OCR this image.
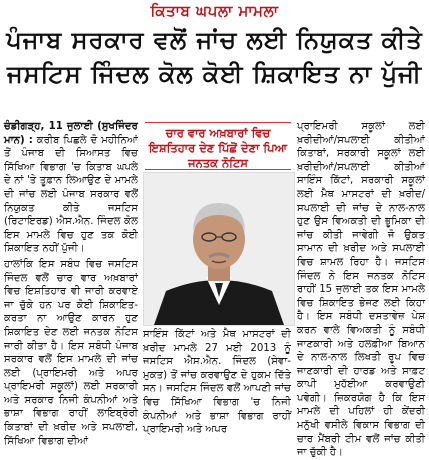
ਕਿਤਾਬ ਘਪਲਾ ਮਾਮਲਾ
ਪੰਜਾਬ ਸਰਕਾਰ ਵਲੋਂ ਜਾਂਚ ਲਈ ਨਿਯੁਕਤ ਕੀਤੇ
ਜਸਟਿਸ ਜਿੰਦਲ ਕੋਲ ਕੋਈ ਸ਼ਿਕਾਇਤ ਨਾ ਪੁੱਜੀ

ਚੰਡੀਗੜ੍ਹ, 11 ਜੁਲਾਈ (ਸੁਖਜਿੰਦਰ ਮਾਨ) : ਕਰੀਬ ਪਿਛਲੇ ਦੋ ਮਹੀਨਿਆਂ ਤੋਂ ਪੰਜਾਬ ਦੀ ਸਿਆਸਤ ਵਿਚ ਸਿੱਖਿਆ ਵਿਭਾਗ 'ਚ ਕਿਤਾਬ ਘਪਲੇ ਦੇ ਨਾਂ 'ਤੇ ਤੂਫ਼ਾਨ ਲਿਆਉਣ ਦੇ ਮਾਮਲੇ ਦੀ ਜਾਂਚ ਲਈ ਪੰਜਾਬ ਸਰਕਾਰ ਵਲੋਂ ਨਿਯੁਕਤ ਕੀਤੇ ਜਸਟਿਸ (ਰਿਟਾਇਰਡ) ਐਸ.ਐਨ. ਜਿੰਦਲ ਕੋਲ ਇਸ ਮਾਮਲੇ ਵਿਚ ਹੁਣ ਤਕ ਕੋਈ ਸ਼ਿਕਾਇਤ ਨਹੀਂ ਪੁੱਜੀ।

ਹਾਲਾਂਕਿ ਇਸ ਸਬੰਧ ਵਿਚ ਜਸਟਿਸ ਜਿੰਦਲ ਵਲੋਂ ਚਾਰ ਵਾਰ ਅਖ਼ਬਾਰਾਂ ਵਿਚ ਇਸ਼ਤਿਹਾਰ ਵੀ ਜਾਰੀ ਕਰਵਾਏ ਜਾ ਚੁੱਕੇ ਹਨ ਪਰ ਕੋਈ ਸ਼ਿਕਾਇਤ-ਕਰਤਾ ਨਾ ਆਉਣ ਕਾਰਨ ਹੁਣ ਸ਼ਿਕਾਇਤ ਦੇਣ ਲਈ ਜਨਤਕ ਨੋਟਿਸ ਜਾਰੀ ਕੀਤਾ ਹੈ। ਇਸ ਸਬੰਧੀ ਪੰਜਾਬ ਸਰਕਾਰ ਵਲੋਂ ਇਸ ਮਾਮਲੇ ਦੀ ਜਾਂਚ ਲਈ (ਪ੍ਰਾਇਮਰੀ ਅਤੇ ਅਪਰ ਪ੍ਰਾਇਮਰੀ ਸਕੂਲਾਂ) ਲਈ ਸਰਕਾਰੀ ਅਤੇ ਸਰਕਾਰ ਨਿਜੀ ਕੰਪਨੀਆਂ ਅਤੇ ਭਾਸ਼ਾ ਵਿਭਾਗ ਰਾਹੀਂ ਲਾਇਬ੍ਰੇਰੀ ਕਿਤਾਬਾਂ ਦੀ ਖ਼ਰੀਦ ਅਤੇ ਸਪਲਾਈ, ਸਿੱਖਿਆ ਵਿਭਾਗ ਦੀਆਂ

ਚਾਰ ਵਾਰ ਅਖ਼ਬਾਰਾਂ ਵਿਚ ਇਸ਼ਤਿਹਾਰ ਦੇਣ ਪਿੱਛੋਂ ਦੇਣਾ ਪਿਆ ਜਨਤਕ ਨੋਟਿਸ

ਸਾਇੰਸ ਕਿੱਟਾਂ ਅਤੇ ਮੈਥ ਮਾਸਟਰਾਂ ਦੀ ਖ਼ਰੀਦ ਮਾਮਲੇ 27 ਮਈ 2013 ਨੂੰ ਜਸਟਿਸ ਐਸ.ਐਨ. ਜਿੰਦਲ (ਸੇਵਾ-ਮੁਕਤ) ਤੋਂ ਜਾਂਚ ਕਰਵਾਉਣ ਦੇ ਹੁਕਮ ਦਿੱਤੇ ਸਨ। ਜਸਟਿਸ ਜਿੰਦਲ ਵਲੋਂ ਆਪਣੀ ਜਾਂਚ ਵਿਚ ਸਿੱਖਿਆ ਵਿਭਾਗ 'ਚ ਨਿਜੀ ਕੰਪਨੀਆਂ ਅਤੇ ਭਾਸ਼ਾ ਵਿਭਾਗ ਰਾਹੀਂ ਪ੍ਰਾਇਮਰੀ ਅਤੇ ਅਪਰ

ਪ੍ਰਾਇਮਰੀ ਸਕੂਲਾਂ ਲਈ ਖ਼ਰੀਦੀਆਂ/ਸਪਲਾਈ ਕੀਤੀਆਂ ਕਿਤਾਬਾਂ, ਸਰਕਾਰੀ ਸਕੂਲਾਂ ਲਈ ਖ਼ਰੀਦੀਆਂ/ਸਪਲਾਈ ਕੀਤੀਆਂ ਸਾਇੰਸ ਕਿੱਟਾਂ, ਸਰਕਾਰੀ ਸਕੂਲਾਂ ਲਈ ਮੈਥ ਮਾਸਟਰਾਂ ਦੀ ਖ਼ਰੀਦ/ਸਪਲਾਈ ਦੀ ਜਾਂਚ ਦੇ ਨਾਲ-ਨਾਲ ਹੁਣ ਉਸ ਵਿਅਕਤੀ ਦੀ ਭੂਮਿਕਾ ਦੀ ਜਾਂਚ ਕੀਤੀ ਜਾਵੇਗੀ ਜੋ ਉਕਤ ਸਾਮਾਨ ਦੀ ਖ਼ਰੀਦ ਅਤੇ ਸਪਲਾਈ ਵਿਚ ਸ਼ਾਮਲ ਰਿਹਾ ਹੈ। ਜਸਟਿਸ ਜਿੰਦਲ ਨੇ ਇਸ ਜਨਤਕ ਨੋਟਿਸ ਰਾਹੀਂ 15 ਜੁਲਾਈ ਤਕ ਇਸ ਮਾਮਲੇ ਵਿਚ ਸ਼ਿਕਾਇਤ ਭੇਜਣ ਲਈ ਕਿਹਾ ਹੈ। ਇਸ ਸਬੰਧੀ ਦਸਤਾਵੇਜ਼ ਪੇਸ਼ ਕਰਨ ਵਾਲੇ ਵਿਅਕਤੀ ਨੂੰ ਸਬੰਧੀ ਜਾਣਕਾਰੀ ਅਤੇ ਹਲਫ਼ੀਆ ਬਿਆਨ ਦੇ ਨਾਲ-ਨਾਲ ਲਿਖਤੀ ਰੂਪ ਵਿਚ ਜਾਣਕਾਰੀ ਦੀ ਹਾਰਡ ਅਤੇ ਸਾਫ਼ਟ ਕਾਪੀ ਮੁਹੱਈਆ ਕਰਵਾਉਣੀ ਪਵੇਗੀ। ਜ਼ਿਕਰਯੋਗ ਹੈ ਕਿ ਇਸ ਮਾਮਲੇ ਦੀ ਪਹਿਲਾਂ ਹੀ ਕੇਂਦਰੀ ਮਨੁੱਖੀ ਵਸੀਲੇ ਵਿਕਾਸ ਵਿਭਾਗ ਦੀ ਚਾਰ ਮੈਂਬਰੀ ਟੀਮ ਵਲੋਂ ਜਾਂਚ ਕੀਤੀ ਜਾ ਚੁੱਕੀ ਹੈ।
